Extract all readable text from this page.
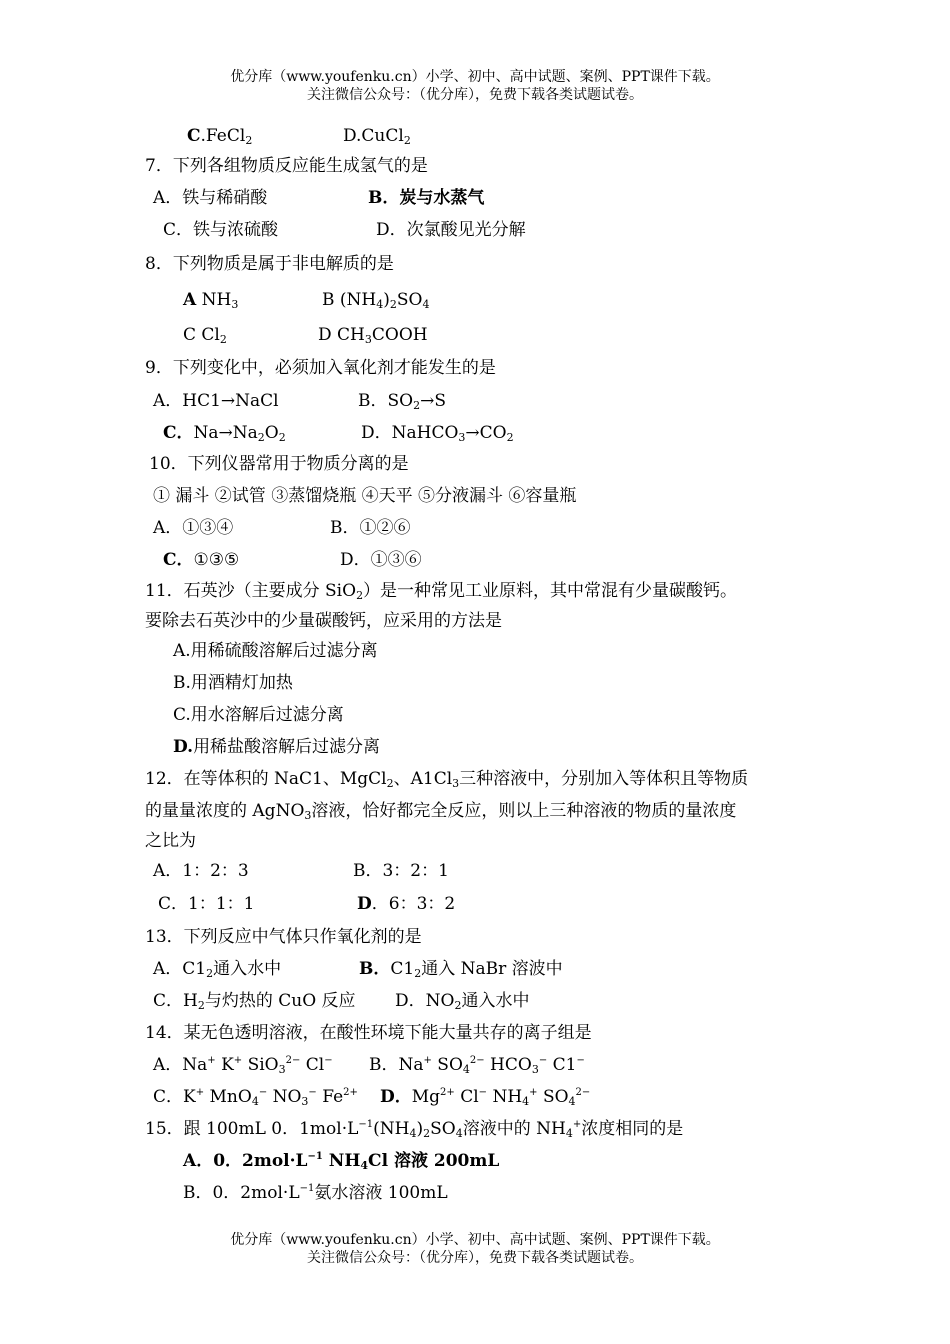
优分库（www.youfenku.cn）小学、初中、高中试题、案例、PPT课件下载。
关注微信公众号：（优分库），免费下载各类试题试卷。
C.FeCl$_2$	D.CuCl$_2$
7．下列各组物质反应能生成氢气的是
A．铁与稀硝酸	B．炭与水蒸气
C．铁与浓硫酸	D．次氯酸见光分解
8．下列物质是属于非电解质的是
A $NH_3$	B $(NH_4)_2SO_4$
C $Cl_2$	D $CH_3COOH$
9．下列变化中，必须加入氧化剂才能发生的是
A．HC1→NaCl	B．$SO_2\to S$
C．$Na\to Na_2O_2$	D．$NaHCO_3\to CO_2$
10．下列仪器常用于物质分离的是
① 漏斗 ②试管 ③蒸馏烧瓶 ④天平 ⑤分液漏斗 ⑥容量瓶
A．①③④	B．①②⑥
C．①③⑤	D．①③⑥
11．石英沙（主要成分 SiO$_2$）是一种常见工业原料，其中常混有少量碳酸钙。
要除去石英沙中的少量碳酸钙，应采用的方法是
A.用稀硫酸溶解后过滤分离
B.用酒精灯加热
C.用水溶解后过滤分离
D.用稀盐酸溶解后过滤分离
12．在等体积的 NaC1、MgCl$_2$、$A1Cl_3$三种溶液中，分别加入等体积且等物质
的量量浓度的 AgNO$_3$溶液，恰好都完全反应，则以上三种溶液的物质的量浓度
之比为
A．1：2：3	B．3：2：1
C．1：1：1	D．6：3：2
13．下列反应中气体只作氧化剂的是
A．$C1_2$通入水中	B．$C1_2$通入 NaBr 溶波中
C．$H_2$与灼热的 CuO 反应 D．$NO_2$通入水中
14．某无色透明溶液，在酸性环境下能大量共存的离子组是
A．Na+ K+ SiO$_3^{2-}$ Cl− B．Na+ $SO_4^{2-}$ $HCO_3^-$ C1−
C．K+ MnO$_4$− $NO_3^-$ $Fe^{2+}$ D．$Mg^{2+}$ Cl− $NH_4^+$ $SO_4^{2-}$
15．跟 100mL 0．$1mol\cdot L^{-1}(NH_4)_2SO_4$溶液中的 $NH_4^+$浓度相同的是
A．0．$2mol\cdot L^{-1}$ $NH_4Cl$ 溶液 200mL
B．0．$2mol\cdot L^{-1}$氨水溶液 100mL
优分库（www.youfenku.cn）小学、初中、高中试题、案例、PPT课件下载。
关注微信公众号：（优分库），免费下载各类试题试卷。
